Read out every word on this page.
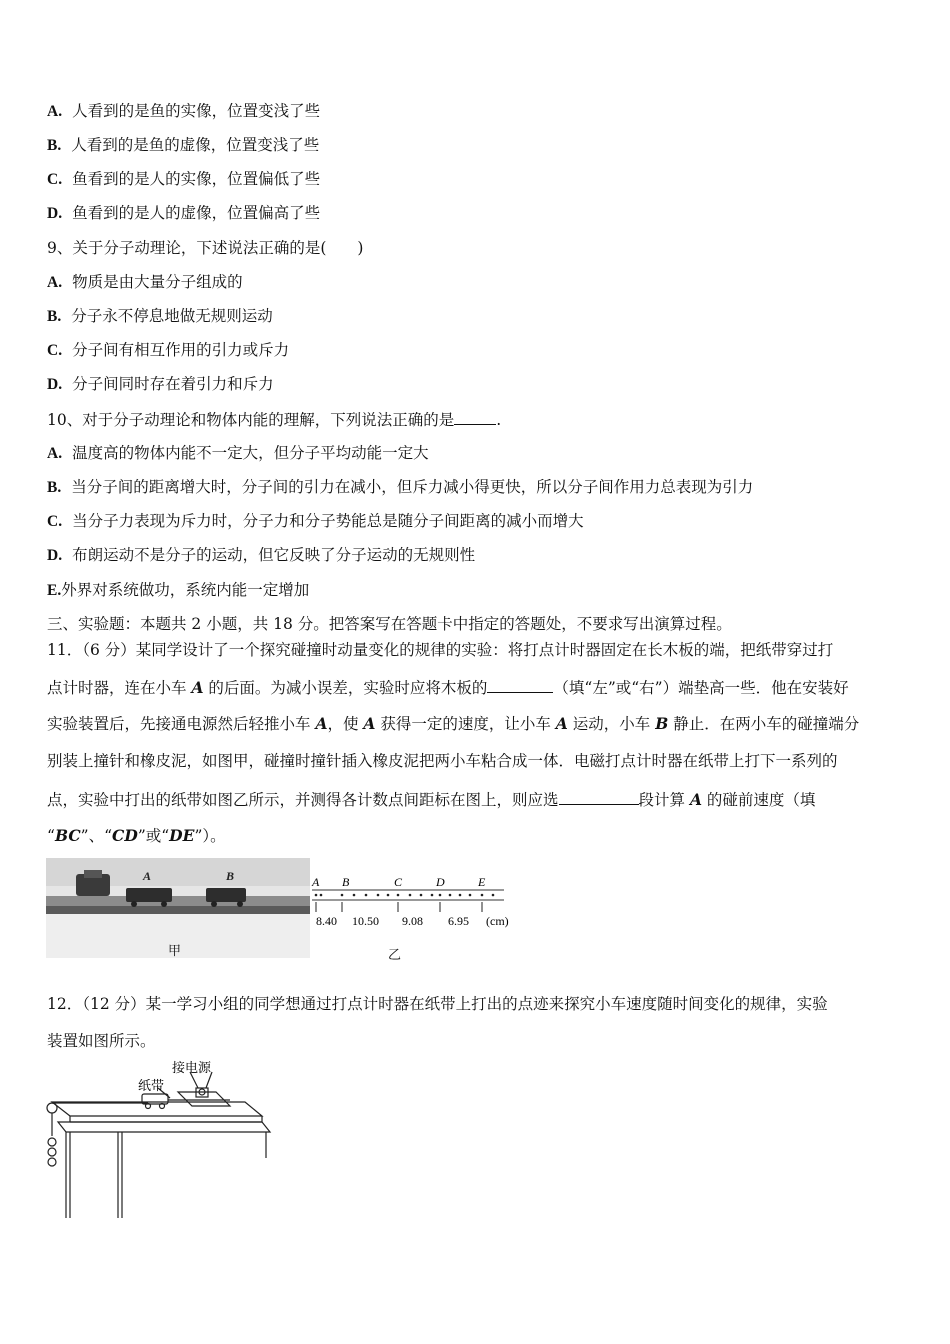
A. 人看到的是鱼的实像，位置变浅了些
B. 人看到的是鱼的虚像，位置变浅了些
C. 鱼看到的是人的实像，位置偏低了些
D. 鱼看到的是人的虚像，位置偏高了些
9、关于分子动理论，下述说法正确的是(　　)
A. 物质是由大量分子组成的
B. 分子永不停息地做无规则运动
C. 分子间有相互作用的引力或斥力
D. 分子间同时存在着引力和斥力
10、对于分子动理论和物体内能的理解，下列说法正确的是	.
A. 温度高的物体内能不一定大，但分子平均动能一定大
B. 当分子间的距离增大时，分子间的引力在减小，但斥力减小得更快，所以分子间作用力总表现为引力
C. 当分子力表现为斥力时，分子力和分子势能总是随分子间距离的减小而增大
D. 布朗运动不是分子的运动，但它反映了分子运动的无规则性
E.外界对系统做功，系统内能一定增加
三、实验题：本题共 2 小题，共 18 分。把答案写在答题卡中指定的答题处，不要求写出演算过程。
11．（6 分）某同学设计了一个探究碰撞时动量变化的规律的实验：将打点计时器固定在长木板的端，把纸带穿过打
点计时器，连在小车 A 的后面。为减小误差，实验时应将木板的	（填“左”或“右”）端垫高一些．他在安装好
实验装置后，先接通电源然后轻推小车 A，使 A 获得一定的速度，让小车 A 运动，小车 B 静止．在两小车的碰撞端分
别装上撞针和橡皮泥，如图甲，碰撞时撞针插入橡皮泥把两小车粘合成一体．电磁打点计时器在纸带上打下一系列的
点，实验中打出的纸带如图乙所示，并测得各计数点间距标在图上，则应选	段计算 A 的碰前速度（填
“BC”、“CD”或“DE”）。
A	B
甲
A B	C	D	E
8.40 10.50 9.08 6.95 (cm)
乙
12．（12 分）某一学习小组的同学想通过打点计时器在纸带上打出的点迹来探究小车速度随时间变化的规律，实验
装置如图所示。
接电源
纸带
